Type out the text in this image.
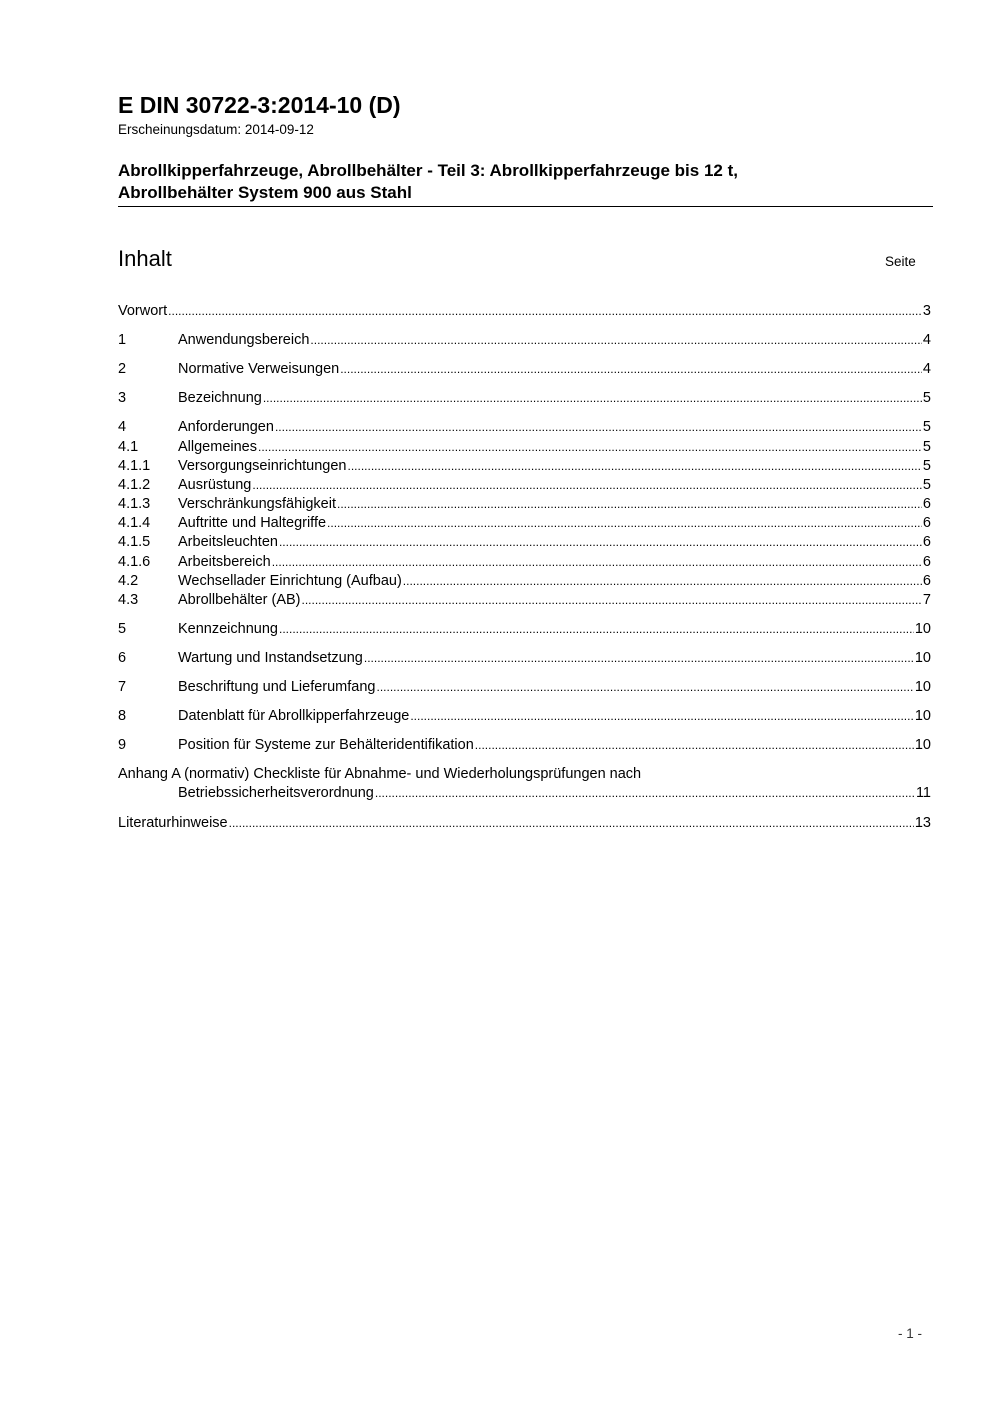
E DIN 30722-3:2014-10 (D)
Erscheinungsdatum: 2014-09-12
Abrollkipperfahrzeuge, Abrollbehälter - Teil 3: Abrollkipperfahrzeuge bis 12 t,
Abrollbehälter System 900 aus Stahl
Inhalt	Seite
Vorwort .....	3
1	Anwendungsbereich .....	4
2	Normative Verweisungen .....	4
3	Bezeichnung .....	5
4	Anforderungen .....	5
4.1	Allgemeines .....	5
4.1.1	Versorgungseinrichtungen .....	5
4.1.2	Ausrüstung .....	5
4.1.3	Verschränkungsfähigkeit .....	6
4.1.4	Auftritte und Haltegriffe .....	6
4.1.5	Arbeitsleuchten .....	6
4.1.6	Arbeitsbereich .....	6
4.2	Wechsellader Einrichtung (Aufbau) .....	6
4.3	Abrollbehälter (AB) .....	7
5	Kennzeichnung .....	10
6	Wartung und Instandsetzung .....	10
7	Beschriftung und Lieferumfang .....	10
8	Datenblatt für Abrollkipperfahrzeuge .....	10
9	Position für Systeme zur Behälteridentifikation .....	10
Anhang A (normativ) Checkliste für Abnahme- und Wiederholungsprüfungen nach
Betriebssicherheitsverordnung .....	11
Literaturhinweise .....	13
- 1 -
